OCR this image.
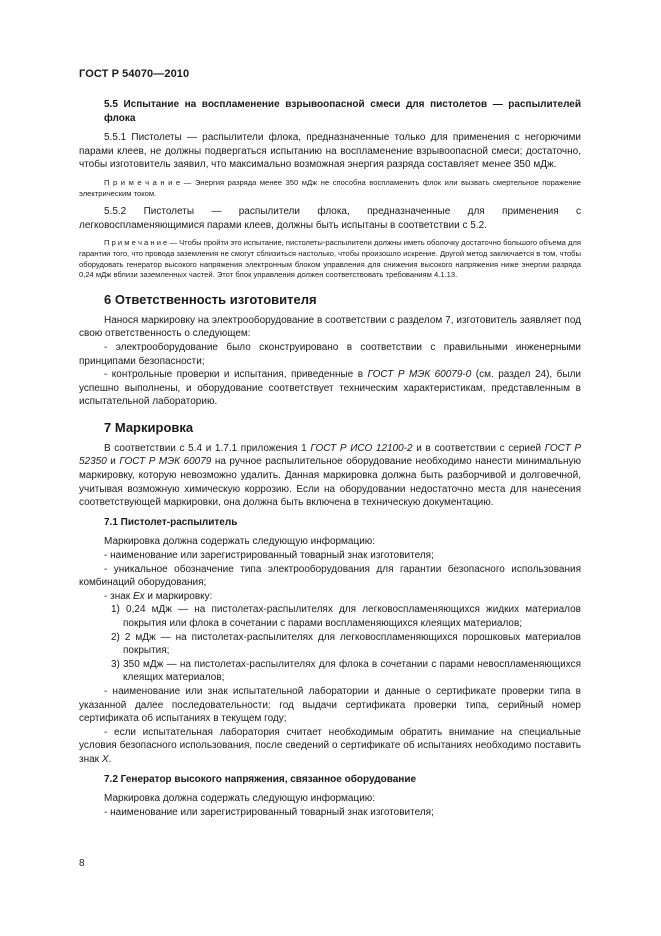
ГОСТ Р 54070—2010

5.5 Испытание на воспламенение взрывоопасной смеси для пистолетов — распылителей флока

5.5.1 Пистолеты — распылители флока, предназначенные только для применения с негорючими парами клеев, не должны подвергаться испытанию на воспламенение взрывоопасной смеси; достаточно, чтобы изготовитель заявил, что максимально возможная энергия разряда составляет менее 350 мДж.

П р и м е ч а н и е — Энергия разряда менее 350 мДж не способна воспламенить флок или вызвать смертельное поражение электрическим током.

5.5.2 Пистолеты — распылители флока, предназначенные для применения с легковоспламеняющимися парами клеев, должны быть испытаны в соответствии с 5.2.

П р и м е ч а н и е — Чтобы пройти это испытание, пистолеты-распылители должны иметь оболочку достаточно большого объема для гарантии того, что провода заземления не смогут сблизиться настолько, чтобы произошло искрение. Другой метод заключается в том, чтобы оборудовать генератор высокого напряжения электронным блоком управления для снижения высокого напряжения ниже энергии разряда 0,24 мДж вблизи заземленных частей. Этот блок управления должен соответствовать требованиям 4.1.13.

6 Ответственность изготовителя

Нанося маркировку на электрооборудование в соответствии с разделом 7, изготовитель заявляет под свою ответственность о следующем:

- электрооборудование было сконструировано в соответствии с правильными инженерными принципами безопасности;

- контрольные проверки и испытания, приведенные в ГОСТ Р МЭК 60079-0 (см. раздел 24), были успешно выполнены, и оборудование соответствует техническим характеристикам, представленным в испытательной лабораторию.

7 Маркировка

В соответствии с 5.4 и 1.7.1 приложения 1 ГОСТ Р ИСО 12100-2 и в соответствии с серией ГОСТ Р 52350 и ГОСТ Р МЭК 60079 на ручное распылительное оборудование необходимо нанести минимальную маркировку, которую невозможно удалить. Данная маркировка должна быть разборчивой и долговечной, учитывая возможную химическую коррозию. Если на оборудовании недостаточно места для нанесения соответствующей маркировки, она должна быть включена в техническую документацию.

7.1 Пистолет-распылитель

Маркировка должна содержать следующую информацию:

- наименование или зарегистрированный товарный знак изготовителя;

- уникальное обозначение типа электрооборудования для гарантии безопасного использования комбинаций оборудования;

- знак Ex и маркировку:

1) 0,24 мДж — на пистолетах-распылителях для легковоспламеняющихся жидких материалов покрытия или флока в сочетании с парами воспламеняющихся клеящих материалов;

2) 2 мДж — на пистолетах-распылителях для легковоспламеняющихся порошковых материалов покрытия;

3) 350 мДж — на пистолетах-распылителях для флока в сочетании с парами невоспламеняющихся клеящих материалов;

- наименование или знак испытательной лаборатории и данные о сертификате проверки типа в указанной далее последовательности: год выдачи сертификата проверки типа, серийный номер сертификата об испытаниях в текущем году;

- если испытательная лаборатория считает необходимым обратить внимание на специальные условия безопасного использования, после сведений о сертификате об испытаниях необходимо поставить знак X.

7.2 Генератор высокого напряжения, связанное оборудование

Маркировка должна содержать следующую информацию:

- наименование или зарегистрированный товарный знак изготовителя;

8
